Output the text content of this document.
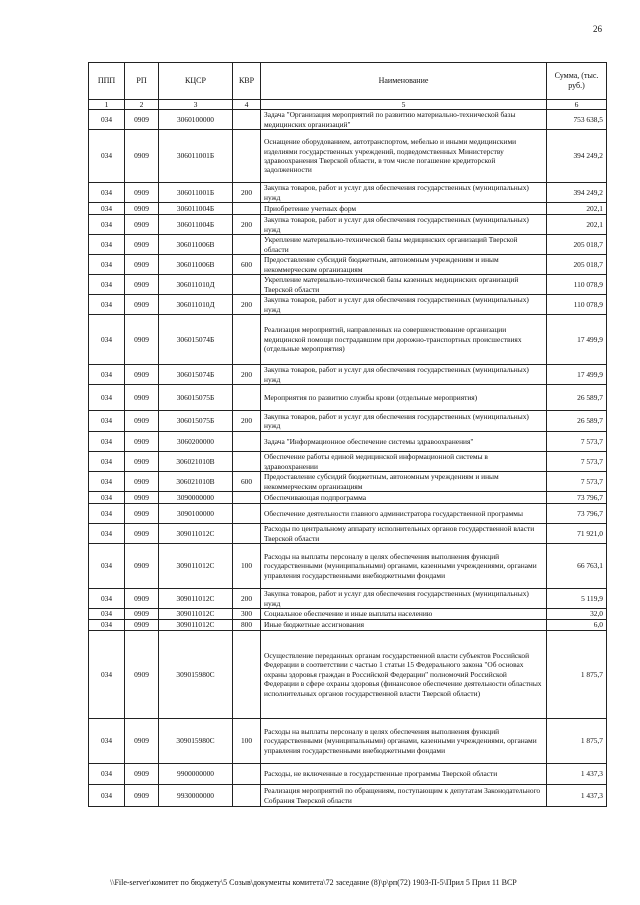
26
ППП	РП	КЦСР	КВР	Наименование	Сумма, (тыс. руб.)
1	2	3	4	5	6
034	0909	3060100000		Задача "Организация мероприятий по развитию материально-технической базы медицинских организаций"	753 638,5
034	0909	306011001Б		Оснащение оборудованием, автотранспортом, мебелью и иными медицинскими изделиями государственных учреждений, подведомственных Министерству здравоохранения Тверской области, в том числе погашение кредиторской задолженности	394 249,2
034	0909	306011001Б	200	Закупка товаров, работ и услуг для обеспечения государственных (муниципальных) нужд	394 249,2
034	0909	306011004Б		Приобретение учетных форм	202,1
034	0909	306011004Б	200	Закупка товаров, работ и услуг для обеспечения государственных (муниципальных) нужд	202,1
034	0909	306011006В		Укрепление материально-технической базы медицинских организаций Тверской области	205 018,7
034	0909	306011006В	600	Предоставление субсидий бюджетным, автономным учреждениям и иным некоммерческим организациям	205 018,7
034	0909	306011010Д		Укрепление материально-технической базы казенных медицинских организаций Тверской области	110 078,9
034	0909	306011010Д	200	Закупка товаров, работ и услуг для обеспечения государственных (муниципальных) нужд	110 078,9
034	0909	306015074Б		Реализация мероприятий, направленных на совершенствование организации медицинской помощи пострадавшим при дорожно-транспортных происшествиях (отдельные мероприятия)	17 499,9
034	0909	306015074Б	200	Закупка товаров, работ и услуг для обеспечения государственных (муниципальных) нужд	17 499,9
034	0909	306015075Б		Мероприятия по развитию службы крови (отдельные мероприятия)	26 589,7
034	0909	306015075Б	200	Закупка товаров, работ и услуг для обеспечения государственных (муниципальных) нужд	26 589,7
034	0909	3060200000		Задача "Информационное обеспечение системы здравоохранения"	7 573,7
034	0909	306021010В		Обеспечение работы единой медицинской информационной системы в здравоохранении	7 573,7
034	0909	306021010В	600	Предоставление субсидий бюджетным, автономным учреждениям и иным некоммерческим организациям	7 573,7
034	0909	3090000000		Обеспечивающая подпрограмма	73 796,7
034	0909	3090100000		Обеспечение деятельности главного администратора государственной программы	73 796,7
034	0909	309011012С		Расходы по центральному аппарату исполнительных органов государственной власти Тверской области	71 921,0
034	0909	309011012С	100	Расходы на выплаты персоналу в целях обеспечения выполнения функций государственными (муниципальными) органами, казенными учреждениями, органами управления государственными внебюджетными фондами	66 763,1
034	0909	309011012С	200	Закупка товаров, работ и услуг для обеспечения государственных (муниципальных) нужд	5 119,9
034	0909	309011012С	300	Социальное обеспечение и иные выплаты населению	32,0
034	0909	309011012С	800	Иные бюджетные ассигнования	6,0
034	0909	309015980С		Осуществление переданных органам государственной власти субъектов Российской Федерации в соответствии с частью 1 статьи 15 Федерального закона "Об основах охраны здоровья граждан в Российской Федерации" полномочий Российской Федерации в сфере охраны здоровья (финансовое обеспечение деятельности областных исполнительных органов государственной власти Тверской области)	1 875,7
034	0909	309015980С	100	Расходы на выплаты персоналу в целях обеспечения выполнения функций государственными (муниципальными) органами, казенными учреждениями, органами управления государственными внебюджетными фондами	1 875,7
034	0909	9900000000		Расходы, не включенные в государственные программы Тверской области	1 437,3
034	0909	9930000000		Реализация мероприятий по обращениям, поступающим к депутатам Законодательного Собрания Тверской области	1 437,3
\\File-server\комитет по бюджету\5 Созыв\документы комитета\72 заседание (8)\р\рп(72) 1903-П-5\Прил 5 Прил 11 ВСР
